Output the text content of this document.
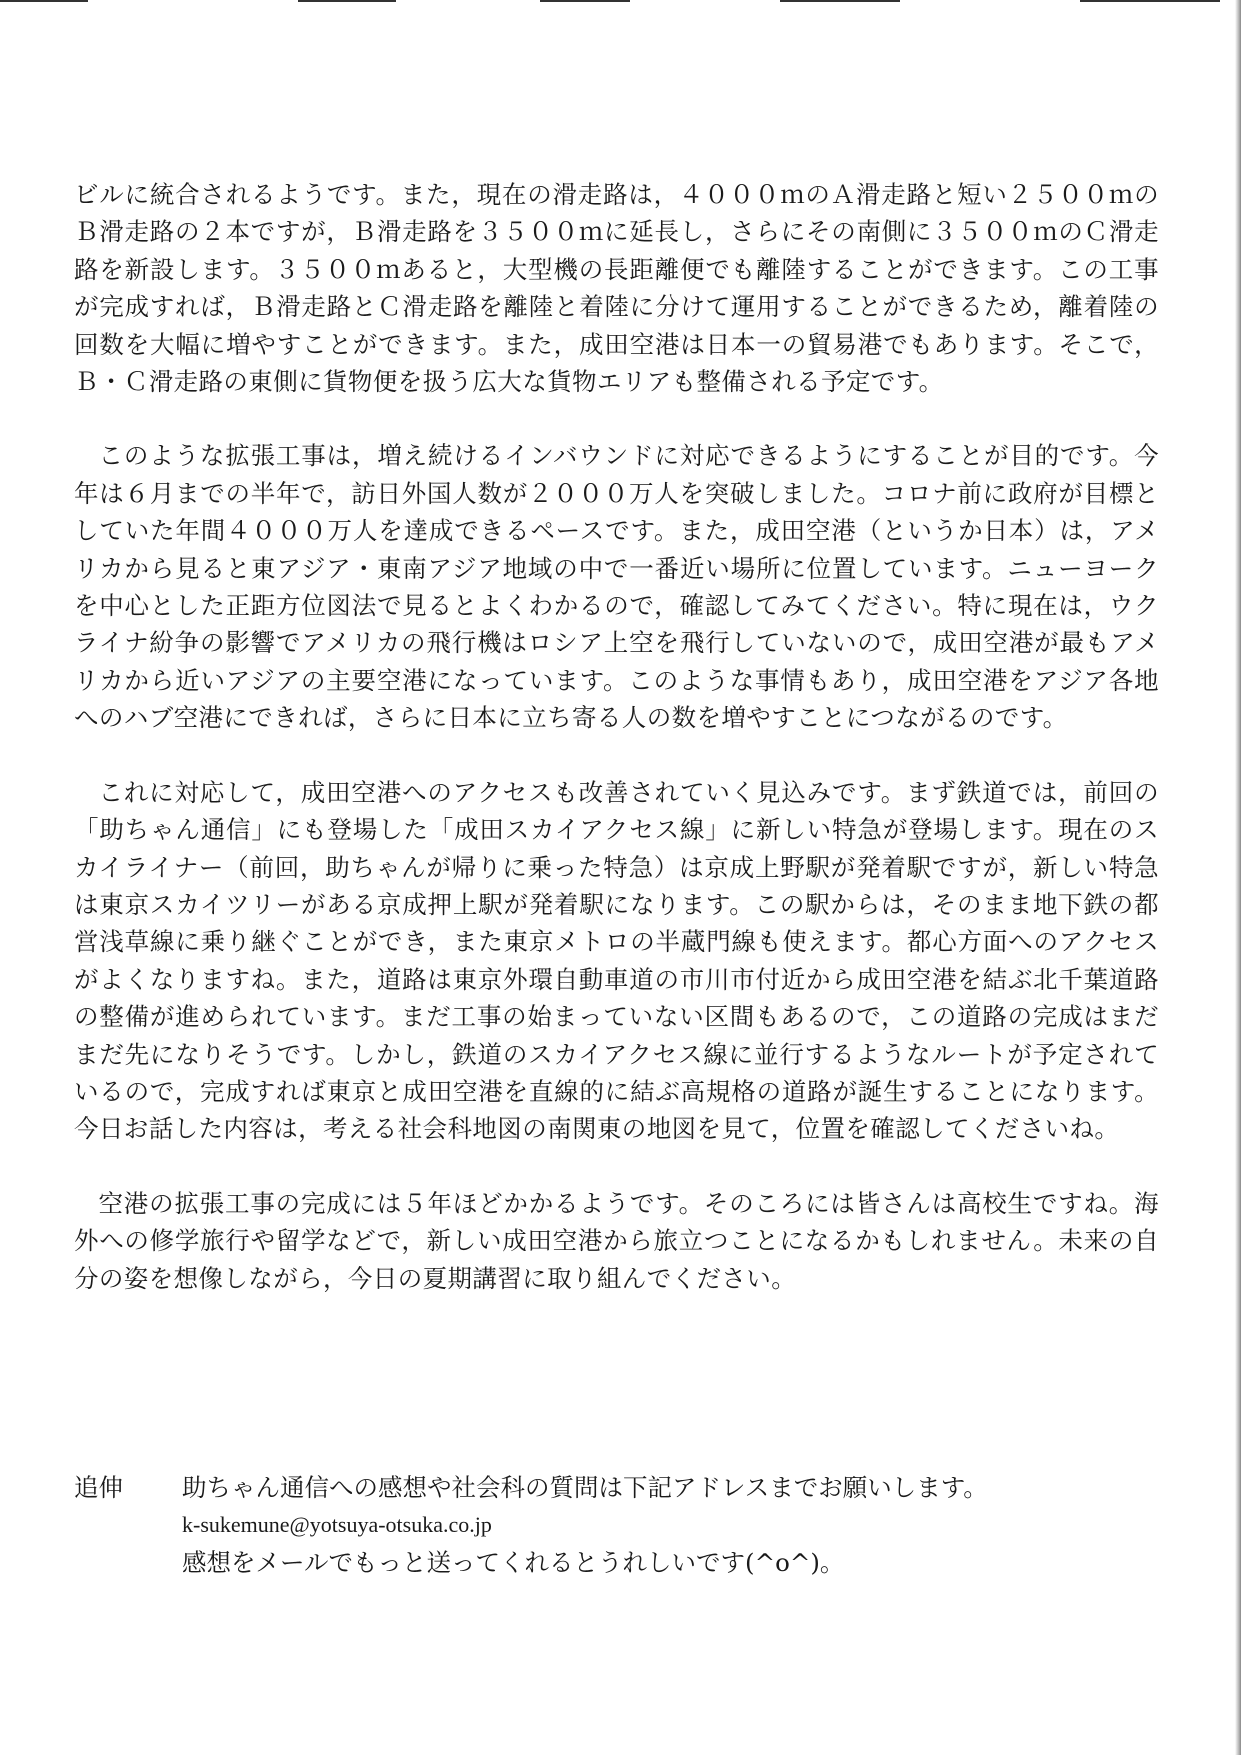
ビルに統合されるようです。また，現在の滑走路は，４０００ｍのＡ滑走路と短い２５００ｍのＢ滑走路の２本ですが，Ｂ滑走路を３５００ｍに延長し，さらにその南側に３５００ｍのＣ滑走路を新設します。３５００ｍあると，大型機の長距離便でも離陸することができます。この工事が完成すれば，Ｂ滑走路とＣ滑走路を離陸と着陸に分けて運用することができるため，離着陸の回数を大幅に増やすことができます。また，成田空港は日本一の貿易港でもあります。そこで，Ｂ・Ｃ滑走路の東側に貨物便を扱う広大な貨物エリアも整備される予定です。

このような拡張工事は，増え続けるインバウンドに対応できるようにすることが目的です。今年は６月までの半年で，訪日外国人数が２０００万人を突破しました。コロナ前に政府が目標としていた年間４０００万人を達成できるペースです。また，成田空港（というか日本）は，アメリカから見ると東アジア・東南アジア地域の中で一番近い場所に位置しています。ニューヨークを中心とした正距方位図法で見るとよくわかるので，確認してみてください。特に現在は，ウクライナ紛争の影響でアメリカの飛行機はロシア上空を飛行していないので，成田空港が最もアメリカから近いアジアの主要空港になっています。このような事情もあり，成田空港をアジア各地へのハブ空港にできれば，さらに日本に立ち寄る人の数を増やすことにつながるのです。

これに対応して，成田空港へのアクセスも改善されていく見込みです。まず鉄道では，前回の「助ちゃん通信」にも登場した「成田スカイアクセス線」に新しい特急が登場します。現在のスカイライナー（前回，助ちゃんが帰りに乗った特急）は京成上野駅が発着駅ですが，新しい特急は東京スカイツリーがある京成押上駅が発着駅になります。この駅からは，そのまま地下鉄の都営浅草線に乗り継ぐことができ，また東京メトロの半蔵門線も使えます。都心方面へのアクセスがよくなりますね。また，道路は東京外環自動車道の市川市付近から成田空港を結ぶ北千葉道路の整備が進められています。まだ工事の始まっていない区間もあるので，この道路の完成はまだまだ先になりそうです。しかし，鉄道のスカイアクセス線に並行するようなルートが予定されているので，完成すれば東京と成田空港を直線的に結ぶ高規格の道路が誕生することになります。今日お話した内容は，考える社会科地図の南関東の地図を見て，位置を確認してくださいね。

空港の拡張工事の完成には５年ほどかかるようです。そのころには皆さんは高校生ですね。海外への修学旅行や留学などで，新しい成田空港から旅立つことになるかもしれません。未来の自分の姿を想像しながら，今日の夏期講習に取り組んでください。

追伸	助ちゃん通信への感想や社会科の質問は下記アドレスまでお願いします。
k-sukemune@yotsuya-otsuka.co.jp
感想をメールでもっと送ってくれるとうれしいです(^o^)。
